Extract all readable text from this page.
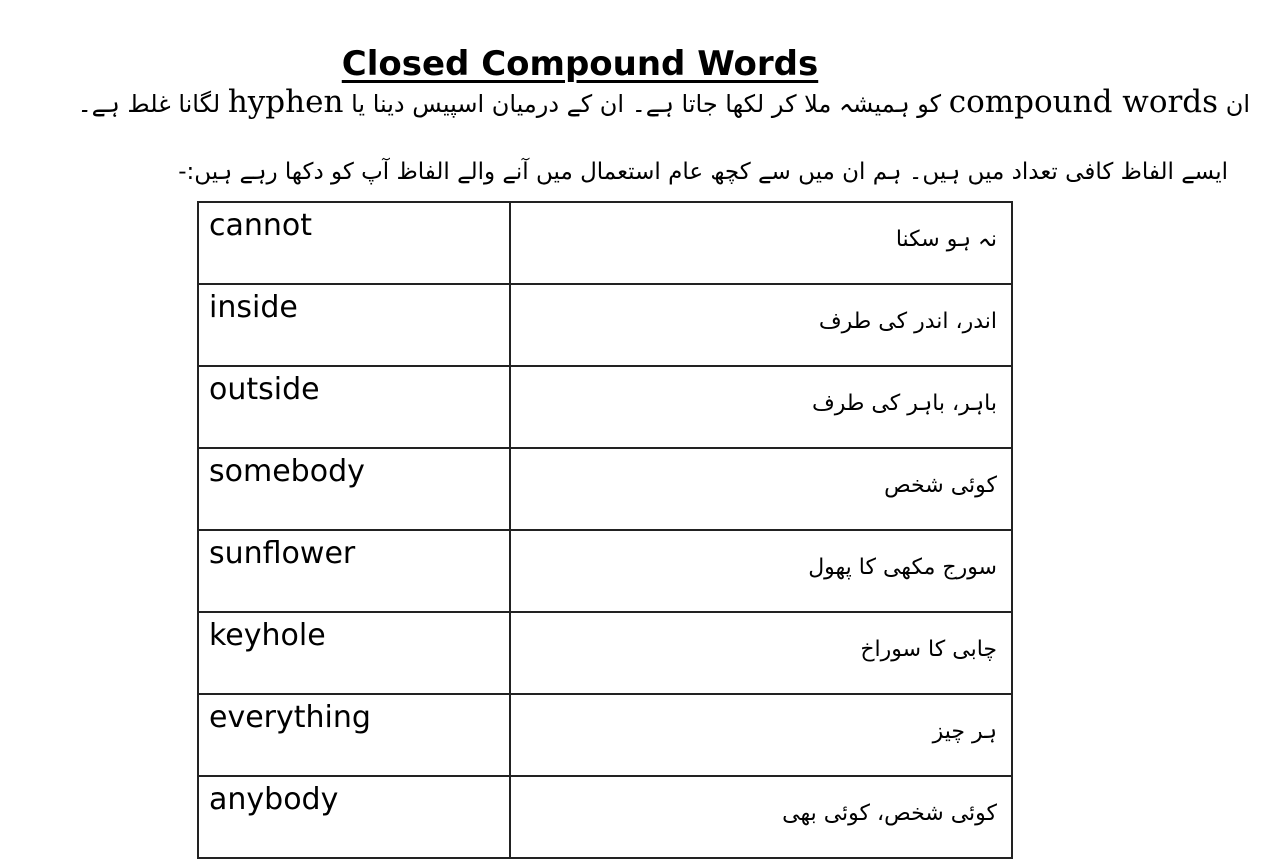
Closed Compound Words
ان compound words کو ہمیشہ ملا کر لکھا جاتا ہے۔ ان کے درمیان اسپیس دینا یا hyphen لگانا غلط ہے۔
ایسے الفاظ کافی تعداد میں ہیں۔ ہم ان میں سے کچھ عام استعمال میں آنے والے الفاظ آپ کو دکھا رہے ہیں:-
cannot	نہ ہو سکنا
inside	اندر، اندر کی طرف
outside	باہر، باہر کی طرف
somebody	کوئی شخص
sunflower	سورج مکھی کا پھول
keyhole	چابی کا سوراخ
everything	ہر چیز
anybody	کوئی شخص، کوئی بھی
